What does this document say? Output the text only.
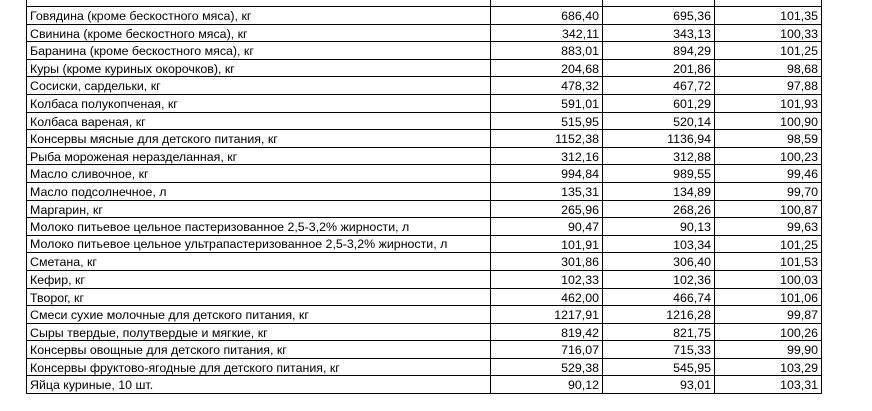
Говядина (кроме бескостного мяса), кг	686,40	695,36	101,35
Свинина (кроме бескостного мяса), кг	342,11	343,13	100,33
Баранина (кроме бескостного мяса), кг	883,01	894,29	101,25
Куры (кроме куриных окорочков), кг	204,68	201,86	98,68
Сосиски, сардельки, кг	478,32	467,72	97,88
Колбаса полукопченая, кг	591,01	601,29	101,93
Колбаса вареная, кг	515,95	520,14	100,90
Консервы мясные для детского питания, кг	1152,38	1136,94	98,59
Рыба мороженая неразделанная, кг	312,16	312,88	100,23
Масло сливочное, кг	994,84	989,55	99,46
Масло подсолнечное, л	135,31	134,89	99,70
Маргарин, кг	265,96	268,26	100,87
Молоко питьевое цельное пастеризованное 2,5-3,2% жирности, л	90,47	90,13	99,63
Молоко питьевое цельное ультрапастеризованное 2,5-3,2% жирности, л	101,91	103,34	101,25
Сметана, кг	301,86	306,40	101,53
Кефир, кг	102,33	102,36	100,03
Творог, кг	462,00	466,74	101,06
Смеси сухие молочные для детского питания, кг	1217,91	1216,28	99,87
Сыры твердые, полутвердые и мягкие, кг	819,42	821,75	100,26
Консервы овощные для детского питания, кг	716,07	715,33	99,90
Консервы фруктово-ягодные для детского питания, кг	529,38	545,95	103,29
Яйца куриные, 10 шт.	90,12	93,01	103,31
